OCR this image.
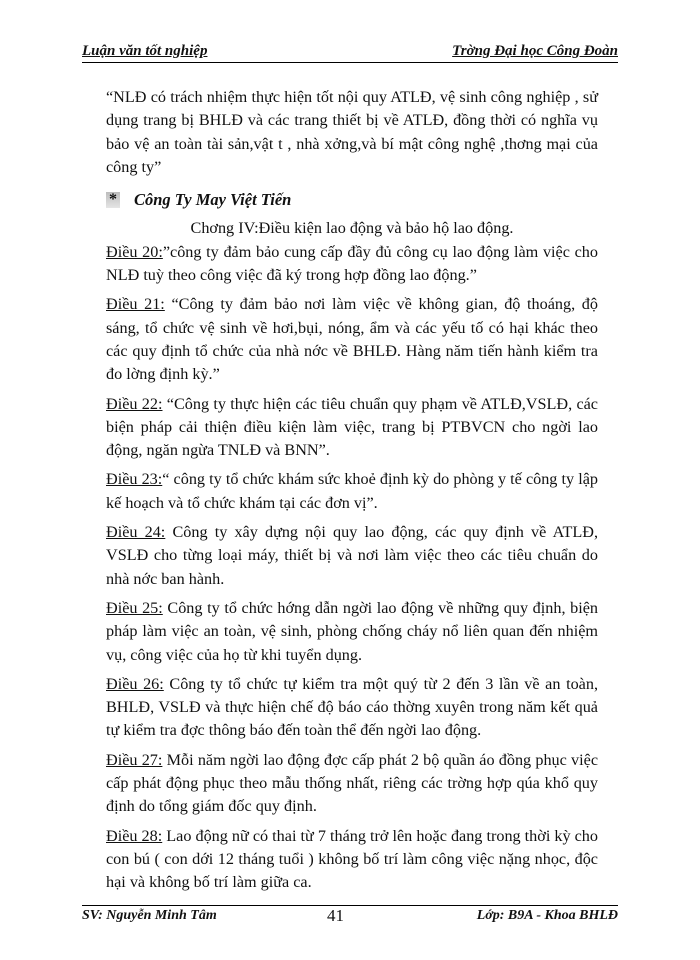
Luận văn tốt nghiệp	Trờng Đại học Công Đoàn

“NLĐ có trách nhiệm thực hiện tốt nội quy ATLĐ, vệ sinh công nghiệp , sử dụng trang bị BHLĐ và các trang thiết bị về ATLĐ, đồng thời có nghĩa vụ bảo vệ an toàn tài sản,vật t , nhà xởng,và bí mật công nghệ ,thơng mại của công ty”

* Công Ty May Việt Tiến

Chơng IV:Điều kiện lao động và bảo hộ lao động.

Điều 20:”công ty đảm bảo cung cấp đầy đủ công cụ lao động làm việc cho NLĐ tuỳ theo công việc đã ký trong hợp đồng lao động.”
Điều 21: “Công ty đảm bảo nơi làm việc về không gian, độ thoáng, độ sáng, tổ chức vệ sinh về hơi,bụi, nóng, ẩm và các yếu tố có hại khác theo các quy định tổ chức của nhà nớc về BHLĐ. Hàng năm tiến hành kiểm tra đo lờng định kỳ.”
Điều 22: “Công ty thực hiện các tiêu chuẩn quy phạm về ATLĐ,VSLĐ, các biện pháp cải thiện điều kiện làm việc, trang bị PTBVCN cho ngời lao động, ngăn ngừa TNLĐ và BNN”.
Điều 23:“ công ty tổ chức khám sức khoẻ định kỳ do phòng y tế công ty lập kế hoạch và tổ chức khám tại các đơn vị”.
Điều 24: Công ty xây dựng nội quy lao động, các quy định về ATLĐ, VSLĐ cho từng loại máy, thiết bị và nơi làm việc theo các tiêu chuẩn do nhà nớc ban hành.
Điều 25: Công ty tổ chức hớng dẫn ngời lao động về những quy định, biện pháp làm việc an toàn, vệ sinh, phòng chống cháy nổ liên quan đến nhiệm vụ, công việc của họ từ khi tuyển dụng.
Điều 26: Công ty tổ chức tự kiểm tra một quý từ 2 đến 3 lần về an toàn, BHLĐ, VSLĐ và thực hiện chế độ báo cáo thờng xuyên trong năm kết quả tự kiểm tra đợc thông báo đến toàn thể đến ngời lao động.
Điều 27: Mỗi năm ngời lao động đợc cấp phát 2 bộ quần áo đồng phục việc cấp phát động phục theo mẫu thống nhất, riêng các trờng hợp qúa khổ quy định do tổng giám đốc quy định.
Điều 28: Lao động nữ có thai từ 7 tháng trở lên hoặc đang trong thời kỳ cho con bú ( con dới 12 tháng tuổi ) không bố trí làm công việc nặng nhọc, độc hại và không bố trí làm giữa ca.
SV: Nguyễn Minh Tâm	41	Lớp: B9A - Khoa BHLĐ
